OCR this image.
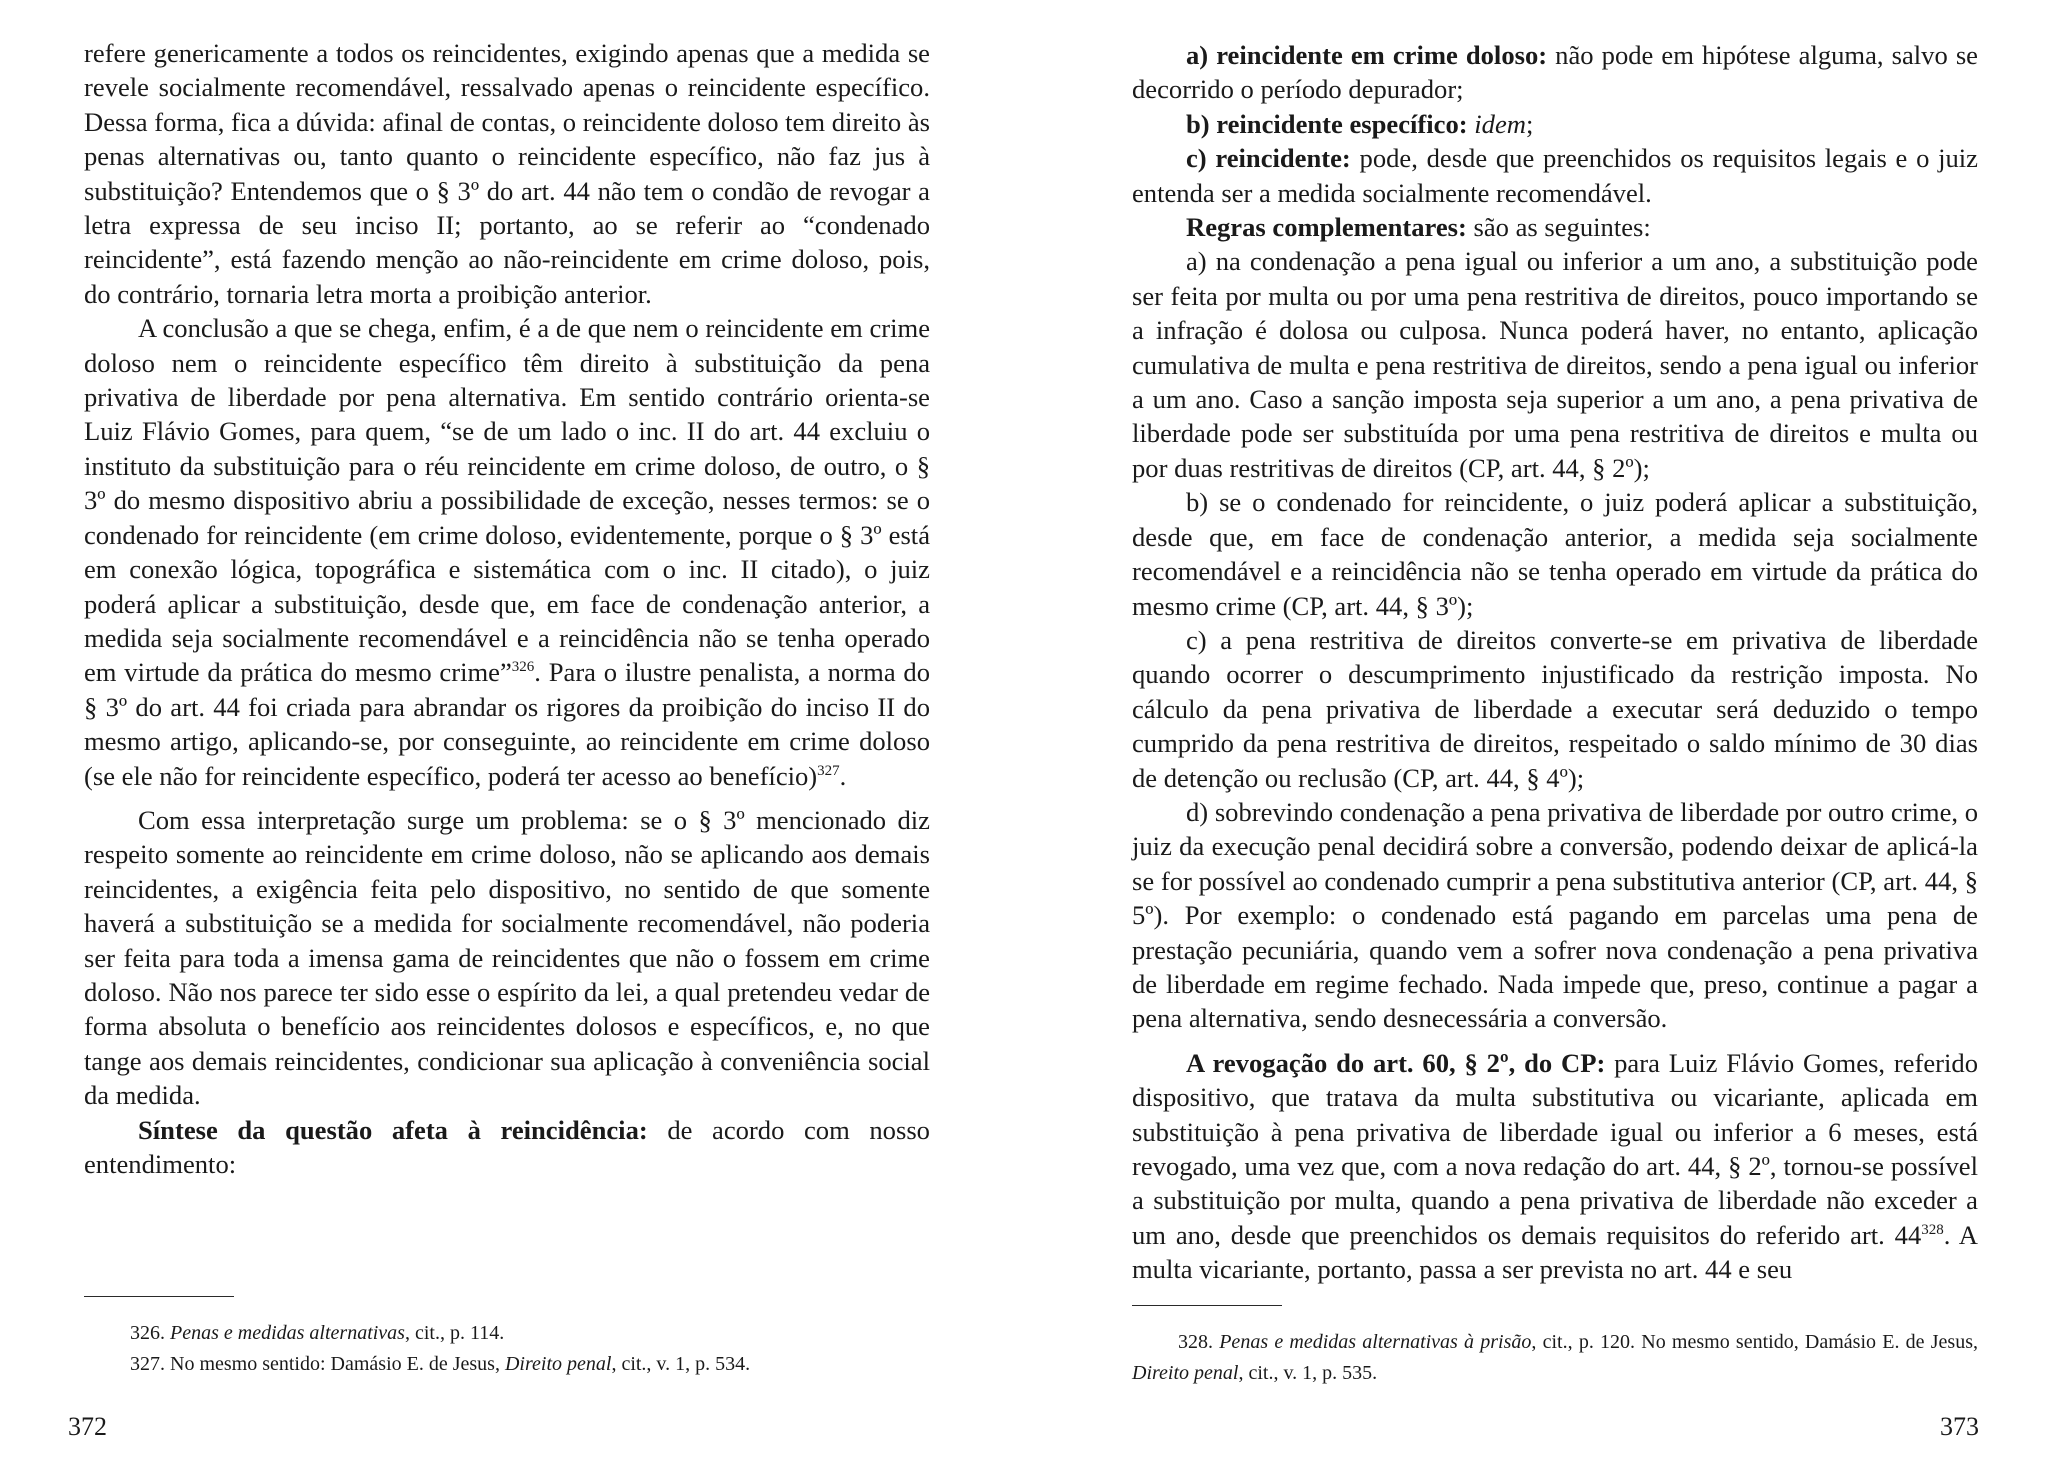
refere genericamente a todos os reincidentes, exigindo apenas que a medida se revele socialmente recomendável, ressalvado apenas o reincidente específico. Dessa forma, fica a dúvida: afinal de contas, o reincidente doloso tem direito às penas alternativas ou, tanto quanto o reincidente específico, não faz jus à substituição? Entendemos que o § 3º do art. 44 não tem o condão de revogar a letra expressa de seu inciso II; portanto, ao se referir ao “condenado reincidente”, está fazendo menção ao não-reincidente em crime doloso, pois, do contrário, tornaria letra morta a proibição anterior.

A conclusão a que se chega, enfim, é a de que nem o reincidente em crime doloso nem o reincidente específico têm direito à substituição da pena privativa de liberdade por pena alternativa. Em sentido contrário orienta-se Luiz Flávio Gomes, para quem, “se de um lado o inc. II do art. 44 excluiu o instituto da substituição para o réu reincidente em crime doloso, de outro, o § 3º do mesmo dispositivo abriu a possibilidade de exceção, nesses termos: se o condenado for reincidente (em crime doloso, evidentemente, porque o § 3º está em conexão lógica, topográfica e sistemática com o inc. II citado), o juiz poderá aplicar a substituição, desde que, em face de condenação anterior, a medida seja socialmente recomendável e a reincidência não se tenha operado em virtude da prática do mesmo crime”$^{326}$. Para o ilustre penalista, a norma do § 3º do art. 44 foi criada para abrandar os rigores da proibição do inciso II do mesmo artigo, aplicando-se, por conseguinte, ao reincidente em crime doloso (se ele não for reincidente específico, poderá ter acesso ao benefício)$^{327}$.

Com essa interpretação surge um problema: se o § 3º mencionado diz respeito somente ao reincidente em crime doloso, não se aplicando aos demais reincidentes, a exigência feita pelo dispositivo, no sentido de que somente haverá a substituição se a medida for socialmente recomendável, não poderia ser feita para toda a imensa gama de reincidentes que não o fossem em crime doloso. Não nos parece ter sido esse o espírito da lei, a qual pretendeu vedar de forma absoluta o benefício aos reincidentes dolosos e específicos, e, no que tange aos demais reincidentes, condicionar sua aplicação à conveniência social da medida.

Síntese da questão afeta à reincidência: de acordo com nosso entendimento:

326. Penas e medidas alternativas, cit., p. 114.

327. No mesmo sentido: Damásio E. de Jesus, Direito penal, cit., v. 1, p. 534.

372

a) reincidente em crime doloso: não pode em hipótese alguma, salvo se decorrido o período depurador;

b) reincidente específico: idem;

c) reincidente: pode, desde que preenchidos os requisitos legais e o juiz entenda ser a medida socialmente recomendável.

Regras complementares: são as seguintes:

a) na condenação a pena igual ou inferior a um ano, a substituição pode ser feita por multa ou por uma pena restritiva de direitos, pouco importando se a infração é dolosa ou culposa. Nunca poderá haver, no entanto, aplicação cumulativa de multa e pena restritiva de direitos, sendo a pena igual ou inferior a um ano. Caso a sanção imposta seja superior a um ano, a pena privativa de liberdade pode ser substituída por uma pena restritiva de direitos e multa ou por duas restritivas de direitos (CP, art. 44, § 2º);

b) se o condenado for reincidente, o juiz poderá aplicar a substituição, desde que, em face de condenação anterior, a medida seja socialmente recomendável e a reincidência não se tenha operado em virtude da prática do mesmo crime (CP, art. 44, § 3º);

c) a pena restritiva de direitos converte-se em privativa de liberdade quando ocorrer o descumprimento injustificado da restrição imposta. No cálculo da pena privativa de liberdade a executar será deduzido o tempo cumprido da pena restritiva de direitos, respeitado o saldo mínimo de 30 dias de detenção ou reclusão (CP, art. 44, § 4º);

d) sobrevindo condenação a pena privativa de liberdade por outro crime, o juiz da execução penal decidirá sobre a conversão, podendo deixar de aplicá-la se for possível ao condenado cumprir a pena substitutiva anterior (CP, art. 44, § 5º). Por exemplo: o condenado está pagando em parcelas uma pena de prestação pecuniária, quando vem a sofrer nova condenação a pena privativa de liberdade em regime fechado. Nada impede que, preso, continue a pagar a pena alternativa, sendo desnecessária a conversão.

A revogação do art. 60, § 2º, do CP: para Luiz Flávio Gomes, referido dispositivo, que tratava da multa substitutiva ou vicariante, aplicada em substituição à pena privativa de liberdade igual ou inferior a 6 meses, está revogado, uma vez que, com a nova redação do art. 44, § 2º, tornou-se possível a substituição por multa, quando a pena privativa de liberdade não exceder a um ano, desde que preenchidos os demais requisitos do referido art. $44^{328}$. A multa vicariante, portanto, passa a ser prevista no art. 44 e seu

328. Penas e medidas alternativas à prisão, cit., p. 120. No mesmo sentido, Damásio E. de Jesus, Direito penal, cit., v. 1, p. 535.

373
